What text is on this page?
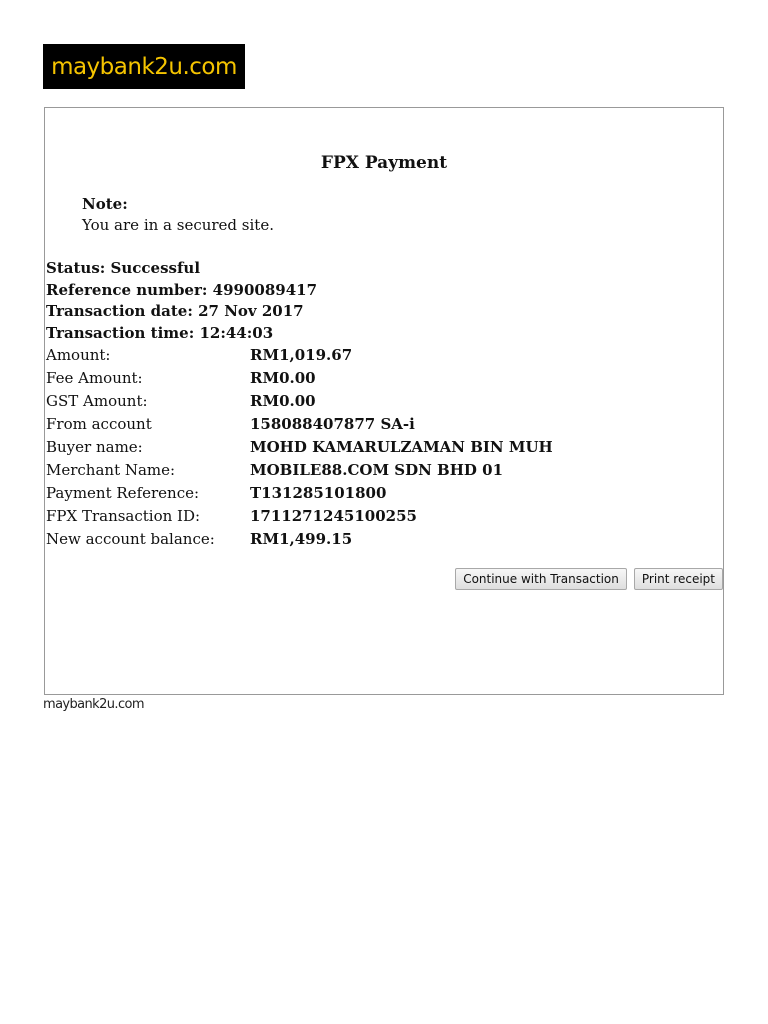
maybank2u.com
FPX Payment
Note:
You are in a secured site.
Status: Successful
Reference number: 4990089417
Transaction date: 27 Nov 2017
Transaction time: 12:44:03
Amount:	RM1,019.67
Fee Amount:	RM0.00
GST Amount:	RM0.00
From account	158088407877 SA-i
Buyer name:	MOHD KAMARULZAMAN BIN MUH
Merchant Name:	MOBILE88.COM SDN BHD 01
Payment Reference:	T131285101800
FPX Transaction ID:	1711271245100255
New account balance:	RM1,499.15
Continue with Transaction	Print receipt
maybank2u.com
